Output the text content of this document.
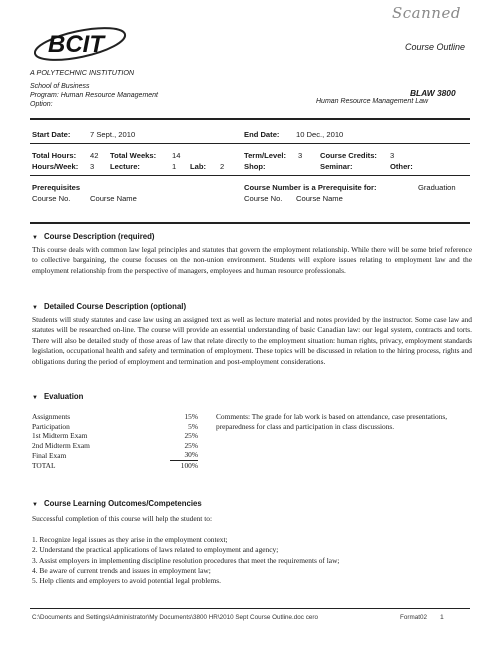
Scanned
BCIT	Course Outline
A POLYTECHNIC INSTITUTION
School of Business
Program: Human Resource Management
Option:
BLAW 3800
Human Resource Management Law
Start Date:	7 Sept., 2010	End Date: 10 Dec., 2010
Total Hours: 42 Total Weeks: 14	Term/Level: 3 Course Credits: 3
Hours/Week: 3 Lecture:	1 Lab: 2	Shop:	Seminar:	Other:
Prerequisites	Course Number is a Prerequisite for:	Graduation
Course No.	Course Name	Course No. Course Name
▼ Course Description (required)
This course deals with common law legal principles and statutes that govern the employment relationship. While there will be some brief reference to collective bargaining, the course focuses on the non-union environment. Students will explore issues relating to employment law and the employment relationship from the perspective of managers, employees and human resource professionals.
▼ Detailed Course Description (optional)
Students will study statutes and case law using an assigned text as well as lecture material and notes provided by the instructor. Some case law and statutes will be researched on-line. The course will provide an essential understanding of basic Canadian law: our legal system, contracts and torts. There will also be detailed study of those areas of law that relate directly to the employment situation: human rights, privacy, employment standards legislation, occupational health and safety and termination of employment. These topics will be discussed in relation to the hiring process, rights and obligations during the period of employment and termination and post-employment considerations.
▼ Evaluation
Assignments	15%
Participation	5%
1st Midterm Exam	25%
2nd Midterm Exam	25%
Final Exam	30%
TOTAL	100%
Comments: The grade for lab work is based on attendance, case presentations, preparedness for class and participation in class discussions.
▼ Course Learning Outcomes/Competencies
Successful completion of this course will help the student to:
1. Recognize legal issues as they arise in the employment context;
2. Understand the practical applications of laws related to employment and agency;
3. Assist employers in implementing discipline resolution procedures that meet the requirements of law;
4. Be aware of current trends and issues in employment law;
5. Help clients and employers to avoid potential legal problems.
C:\Documents and Settings\Administrator\My Documents\3800 HR\2010 Sept Course Outline.doc cero	Format02 1
